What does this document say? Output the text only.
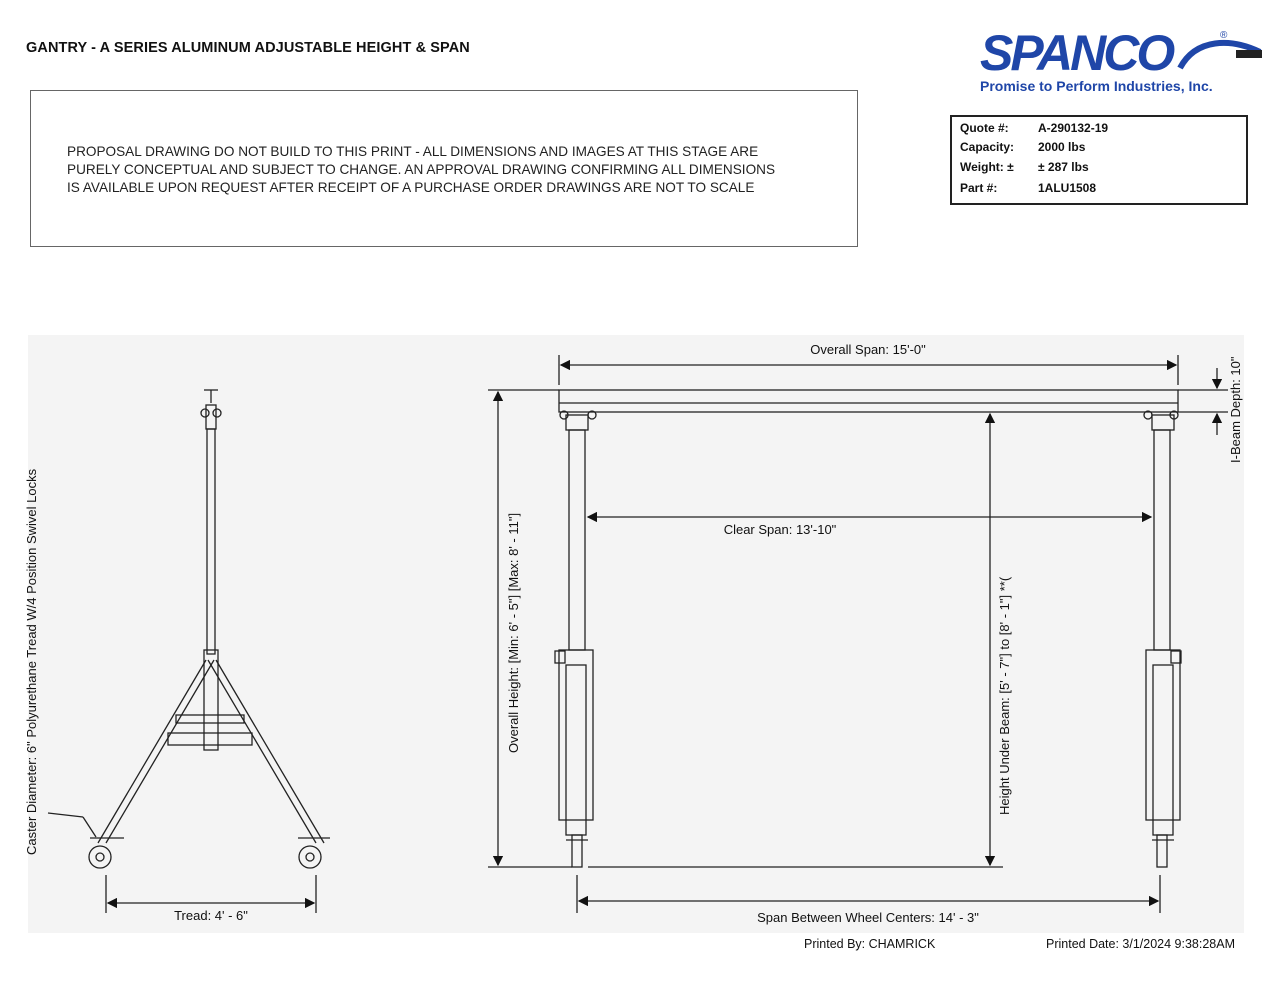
GANTRY - A SERIES ALUMINUM ADJUSTABLE HEIGHT & SPAN
PROPOSAL DRAWING DO NOT BUILD TO THIS PRINT - ALL DIMENSIONS AND IMAGES AT THIS STAGE ARE
PURELY CONCEPTUAL AND SUBJECT TO CHANGE. AN APPROVAL DRAWING CONFIRMING ALL DIMENSIONS
IS AVAILABLE UPON REQUEST AFTER RECEIPT OF A PURCHASE ORDER DRAWINGS ARE NOT TO SCALE
SPANCO	®
Promise to Perform Industries, Inc.
Quote #:	A-290132-19
Capacity:	2000 lbs
Weight: ±	± 287 lbs
Part #:	1ALU1508
Caster Diameter: 6" Polyurethane Tread W/4 Position Swivel Locks
Tread: 4' - 6"
Overall Span: 15'-0"
I-Beam Depth: 10"
Clear Span: 13'-10"
Overall Height: [Min: 6' - 5"] [Max: 8' - 11"]	Height Under Beam: [5' - 7"] to [8' - 1"] **(
Span Between Wheel Centers: 14' - 3"
Printed By: CHAMRICK	Printed Date: 3/1/2024 9:38:28AM
